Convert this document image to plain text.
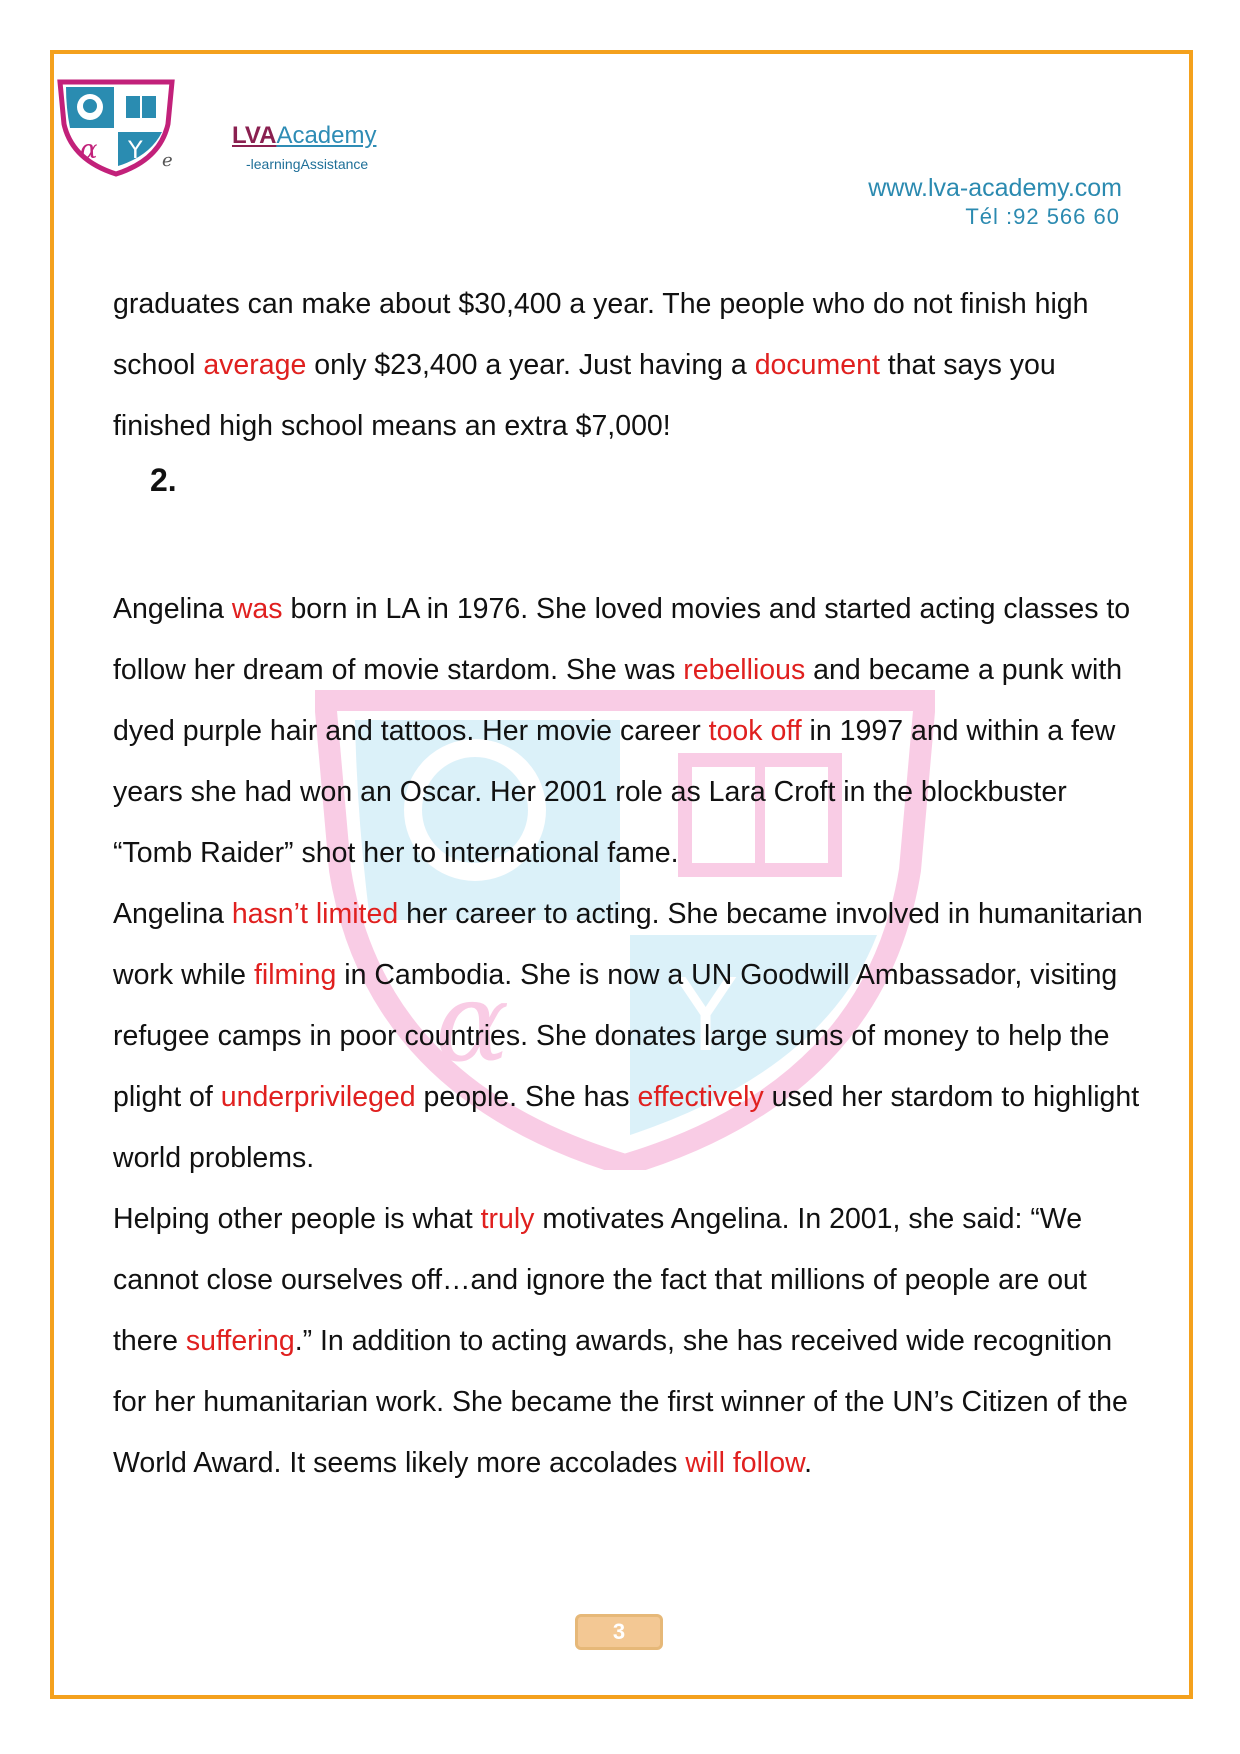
α Y e
LVAAcademy
-learningAssistance
www.lva-academy.com
Tél :92 566 60
α Y

graduates can make about $30,400 a year. The people who do not finish high school average only $23,400 a year. Just having a document that says you finished high school means an extra $7,000!

Angelina was born in LA in 1976. She loved movies and started acting classes to follow her dream of movie stardom. She was rebellious and became a punk with dyed purple hair and tattoos. Her movie career took off in 1997 and within a few years she had won an Oscar. Her 2001 role as Lara Croft in the blockbuster “Tomb Raider” shot her to international fame.

Angelina hasn’t limited her career to acting. She became involved in humanitarian work while filming in Cambodia. She is now a UN Goodwill Ambassador, visiting refugee camps in poor countries. She donates large sums of money to help the plight of underprivileged people. She has effectively used her stardom to highlight world problems.

Helping other people is what truly motivates Angelina. In 2001, she said: “We cannot close ourselves off…and ignore the fact that millions of people are out there suffering.” In addition to acting awards, she has received wide recognition for her humanitarian work. She became the first winner of the UN’s Citizen of the World Award. It seems likely more accolades will follow.

2.
3
